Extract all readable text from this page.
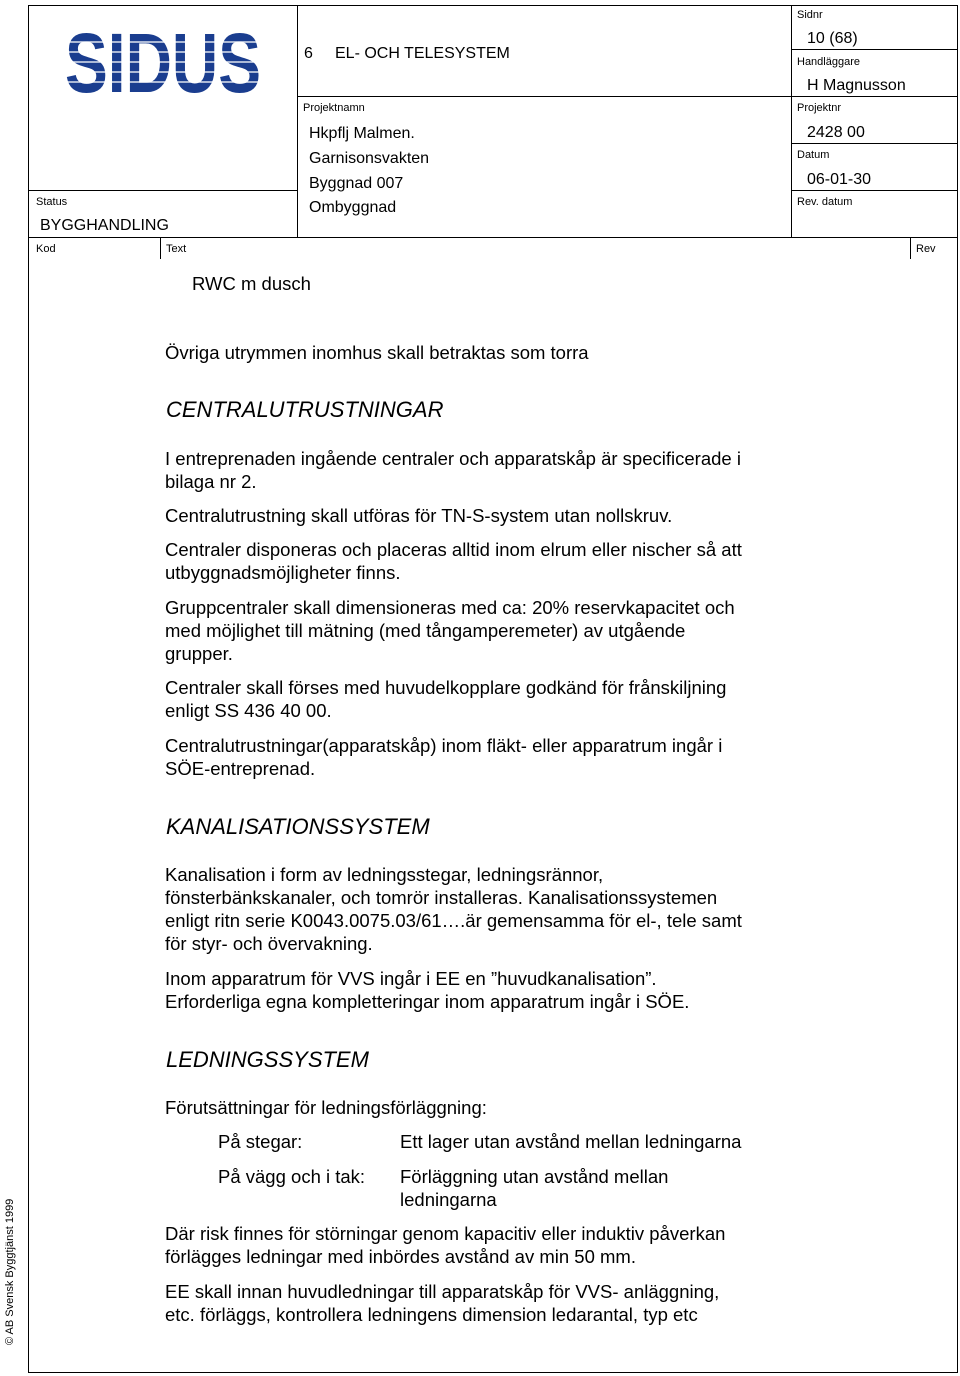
SIDUS	6 EL- OCH TELESYSTEM
Sidnr
10 (68)
Handläggare
H Magnusson
Projektnamn
Hkpflj Malmen.
Garnisonsvakten
Byggnad 007
Ombyggnad
Projektnr
2428 00
Datum
06-01-30
Rev. datum
Status
BYGGHANDLING
Kod	Text	Rev
RWC m dusch
Övriga utrymmen inomhus skall betraktas som torra
CENTRALUTRUSTNINGAR
I entreprenaden ingående centraler och apparatskåp är specificerade i
bilaga nr 2.
Centralutrustning skall utföras för TN-S-system utan nollskruv.
Centraler disponeras och placeras alltid inom elrum eller nischer så att
utbyggnadsmöjligheter finns.
Gruppcentraler skall dimensioneras med ca: 20% reservkapacitet och
med möjlighet till mätning (med tångamperemeter) av utgående
grupper.
Centraler skall förses med huvudelkopplare godkänd för frånskiljning
enligt SS 436 40 00.
Centralutrustningar(apparatskåp) inom fläkt- eller apparatrum ingår i
SÖE-entreprenad.
KANALISATIONSSYSTEM
Kanalisation i form av ledningsstegar, ledningsrännor,
fönsterbänkskanaler, och tomrör installeras. Kanalisationssystemen
enligt ritn serie K0043.0075.03/61….är gemensamma för el-, tele samt
för styr- och övervakning.
Inom apparatrum för VVS ingår i EE en ”huvudkanalisation”.
Erforderliga egna kompletteringar inom apparatrum ingår i SÖE.
LEDNINGSSYSTEM
Förutsättningar för ledningsförläggning:
På stegar:	Ett lager utan avstånd mellan ledningarna
På vägg och i tak: Förläggning utan avstånd mellan
ledningarna
Där risk finnes för störningar genom kapacitiv eller induktiv påverkan
förlägges ledningar med inbördes avstånd av min 50 mm.
EE skall innan huvudledningar till apparatskåp för VVS- anläggning,
etc. förläggs, kontrollera ledningens dimension ledarantal, typ etc
© AB Svensk Byggtjänst 1999
